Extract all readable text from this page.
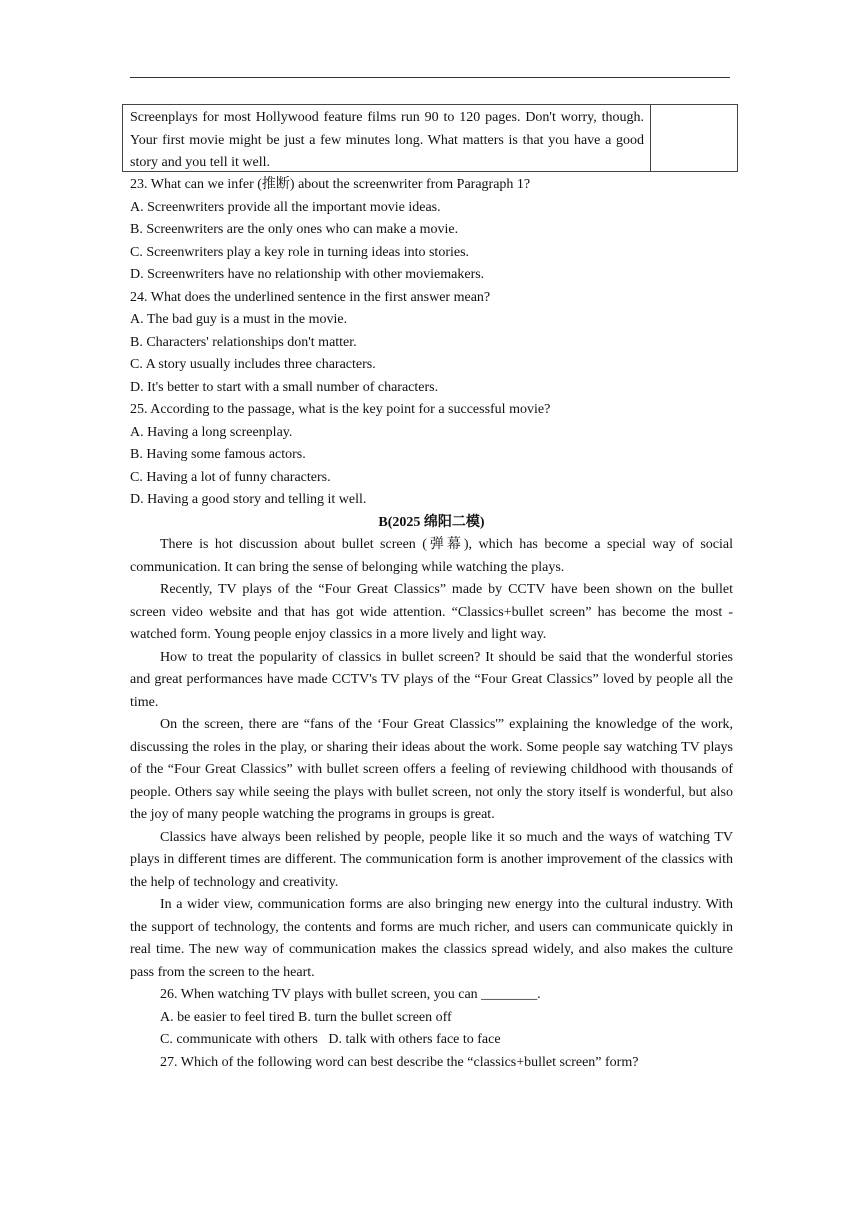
Screenplays for most Hollywood feature films run 90 to 120 pages. Don't worry, though. Your first movie might be just a few minutes long. What matters is that you have a good story and you tell it well.

23. What can we infer (推断) about the screenwriter from Paragraph 1?

A. Screenwriters provide all the important movie ideas.

B. Screenwriters are the only ones who can make a movie.

C. Screenwriters play a key role in turning ideas into stories.

D. Screenwriters have no relationship with other moviemakers.

24. What does the underlined sentence in the first answer mean?

A. The bad guy is a must in the movie.

B. Characters' relationships don't matter.

C. A story usually includes three characters.

D. It's better to start with a small number of characters.

25. According to the passage, what is the key point for a successful movie?

A. Having a long screenplay.

B. Having some famous actors.

C. Having a lot of funny characters.

D. Having a good story and telling it well.

B(2025 绵阳二模)

There is hot discussion about bullet screen (弹幕), which has become a special way of social communication. It can bring the sense of belonging while watching the plays.

Recently, TV plays of the “Four Great Classics” made by CCTV have been shown on the bullet screen video website and that has got wide attention. “Classics+bullet screen” has become the most - watched form. Young people enjoy classics in a more lively and light way.

How to treat the popularity of classics in bullet screen? It should be said that the wonderful stories and great performances have made CCTV's TV plays of the “Four Great Classics” loved by people all the time.

On the screen, there are “fans of the ‘Four Great Classics'” explaining the knowledge of the work, discussing the roles in the play, or sharing their ideas about the work. Some people say watching TV plays of the “Four Great Classics” with bullet screen offers a feeling of reviewing childhood with thousands of people. Others say while seeing the plays with bullet screen, not only the story itself is wonderful, but also the joy of many people watching the programs in groups is great.

Classics have always been relished by people, people like it so much and the ways of watching TV plays in different times are different. The communication form is another improvement of the classics with the help of technology and creativity.

In a wider view, communication forms are also bringing new energy into the cultural industry. With the support of technology, the contents and forms are much richer, and users can communicate quickly in real time. The new way of communication makes the classics spread widely, and also makes the culture pass from the screen to the heart.

26. When watching TV plays with bullet screen, you can ________.

A. be easier to feel tired B. turn the bullet screen off

C. communicate with others   D. talk with others face to face

27. Which of the following word can best describe the “classics+bullet screen” form?
